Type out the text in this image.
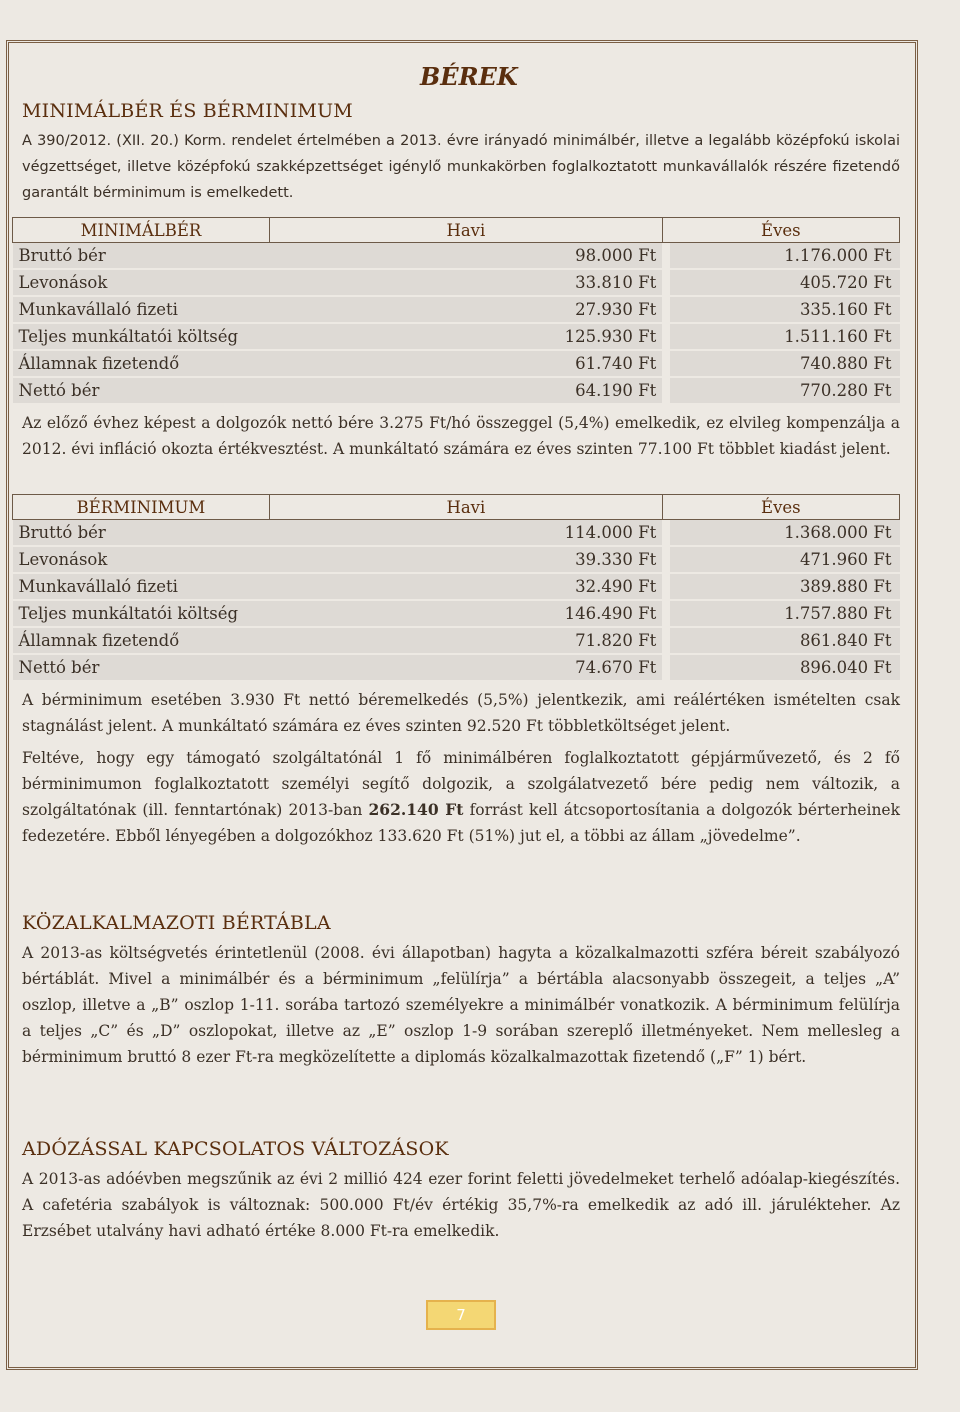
BÉREK
MINIMÁLBÉR ÉS BÉRMINIMUM

A 390/2012. (XII. 20.) Korm. rendelet értelmében a 2013. évre irányadó minimálbér, illetve a legalább középfokú iskolai végzettséget, illetve középfokú szakképzettséget igénylő munkakörben foglalkoztatott munkavállalók részére fizetendő garantált bérminimum is emelkedett.

MINIMÁLBÉR	Havi		Éves	
Bruttó bér		98.000 Ft		1.176.000 Ft
Levonások		33.810 Ft		405.720 Ft
Munkavállaló fizeti		27.930 Ft		335.160 Ft
Teljes munkáltatói költség		125.930 Ft		1.511.160 Ft
Államnak fizetendő		61.740 Ft		740.880 Ft
Nettó bér		64.190 Ft		770.280 Ft

Az előző évhez képest a dolgozók nettó bére 3.275 Ft/hó összeggel (5,4%) emelkedik, ez elvileg kompenzálja a 2012. évi infláció okozta értékvesztést. A munkáltató számára ez éves szinten 77.100 Ft többlet kiadást jelent.

BÉRMINIMUM	Havi		Éves	
Bruttó bér		114.000 Ft		1.368.000 Ft
Levonások		39.330 Ft		471.960 Ft
Munkavállaló fizeti		32.490 Ft		389.880 Ft
Teljes munkáltatói költség		146.490 Ft		1.757.880 Ft
Államnak fizetendő		71.820 Ft		861.840 Ft
Nettó bér		74.670 Ft		896.040 Ft

A bérminimum esetében 3.930 Ft nettó béremelkedés (5,5%) jelentkezik, ami reálértéken ismételten csak stagnálást jelent. A munkáltató számára ez éves szinten 92.520 Ft többletköltséget jelent.

Feltéve, hogy egy támogató szolgáltatónál 1 fő minimálbéren foglalkoztatott gépjárművezető, és 2 fő bérminimumon foglalkoztatott személyi segítő dolgozik, a szolgálatvezető bére pedig nem változik, a szolgáltatónak (ill. fenntartónak) 2013-ban 262.140 Ft forrást kell átcsoportosítania a dolgozók bérterheinek fedezetére. Ebből lényegében a dolgozókhoz 133.620 Ft (51%) jut el, a többi az állam „jövedelme”.

KÖZALKALMAZOTI BÉRTÁBLA

A 2013-as költségvetés érintetlenül (2008. évi állapotban) hagyta a közalkalmazotti szféra béreit szabályozó bértáblát. Mivel a minimálbér és a bérminimum „felülírja” a bértábla alacsonyabb összegeit, a teljes „A” oszlop, illetve a „B” oszlop 1-11. sorába tartozó személyekre a minimálbér vonatkozik. A bérminimum felülírja a teljes „C” és „D” oszlopokat, illetve az „E” oszlop 1-9 sorában szereplő illetményeket. Nem mellesleg a bérminimum bruttó 8 ezer Ft-ra megközelítette a diplomás közalkalmazottak fizetendő („F” 1) bért.

ADÓZÁSSAL KAPCSOLATOS VÁLTOZÁSOK

A 2013-as adóévben megszűnik az évi 2 millió 424 ezer forint feletti jövedelmeket terhelő adóalap-kiegészítés. A cafetéria szabályok is változnak: 500.000 Ft/év értékig 35,7%-ra emelkedik az adó ill. járulékteher. Az Erzsébet utalvány havi adható értéke 8.000 Ft-ra emelkedik.

7
